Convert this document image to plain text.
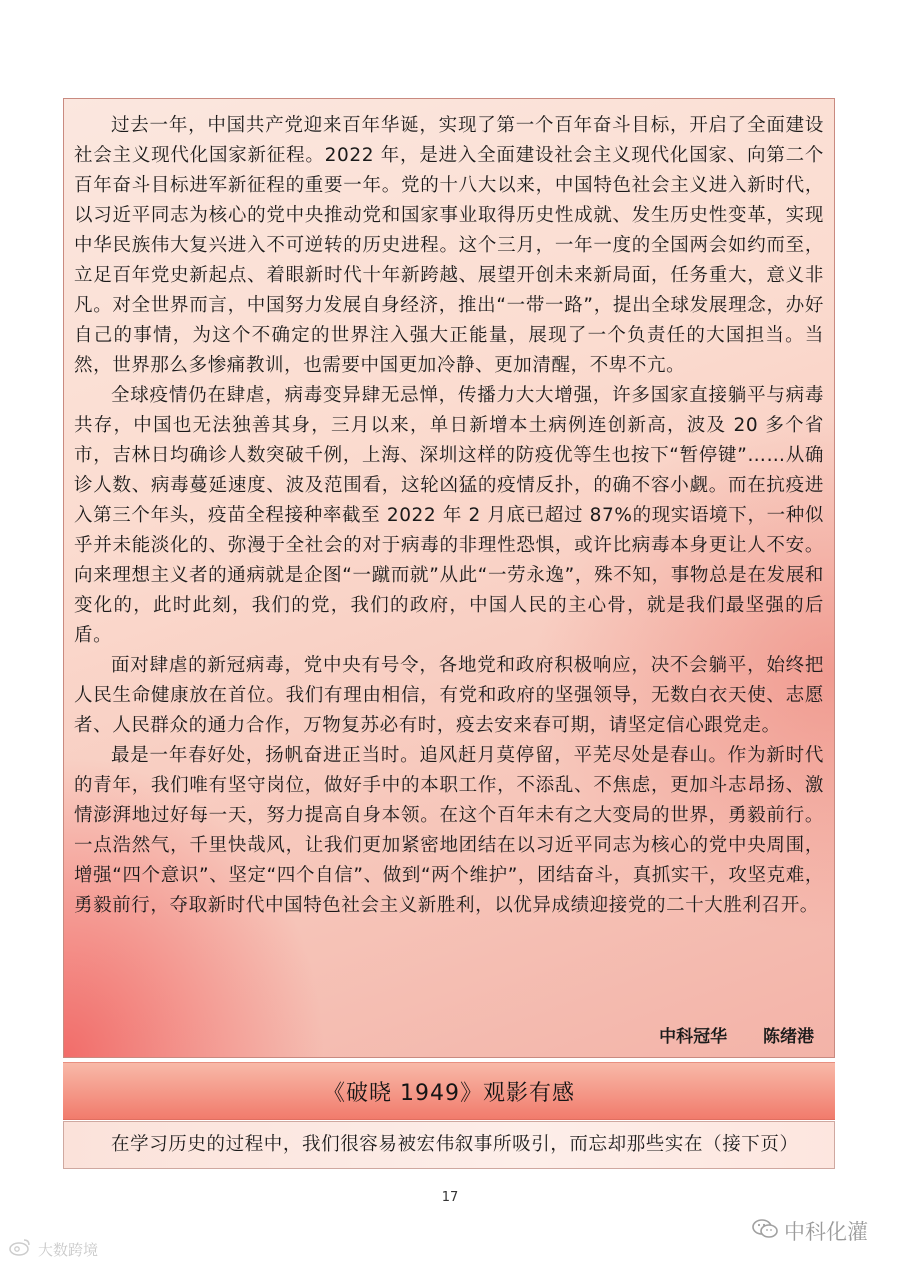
过去一年，中国共产党迎来百年华诞，实现了第一个百年奋斗目标，开启了全面建设社会主义现代化国家新征程。2022 年，是进入全面建设社会主义现代化国家、向第二个百年奋斗目标进军新征程的重要一年。党的十八大以来，中国特色社会主义进入新时代，以习近平同志为核心的党中央推动党和国家事业取得历史性成就、发生历史性变革，实现中华民族伟大复兴进入不可逆转的历史进程。这个三月，一年一度的全国两会如约而至，立足百年党史新起点、着眼新时代十年新跨越、展望开创未来新局面，任务重大，意义非凡。对全世界而言，中国努力发展自身经济，推出“一带一路”，提出全球发展理念，办好自己的事情，为这个不确定的世界注入强大正能量，展现了一个负责任的大国担当。当然，世界那么多惨痛教训，也需要中国更加冷静、更加清醒，不卑不亢。

全球疫情仍在肆虐，病毒变异肆无忌惮，传播力大大增强，许多国家直接躺平与病毒共存，中国也无法独善其身，三月以来，单日新增本土病例连创新高，波及 20 多个省市，吉林日均确诊人数突破千例，上海、深圳这样的防疫优等生也按下“暂停键”……从确诊人数、病毒蔓延速度、波及范围看，这轮凶猛的疫情反扑，的确不容小觑。而在抗疫进入第三个年头，疫苗全程接种率截至 2022 年 2 月底已超过 87%的现实语境下，一种似乎并未能淡化的、弥漫于全社会的对于病毒的非理性恐惧，或许比病毒本身更让人不安。向来理想主义者的通病就是企图“一蹴而就”从此“一劳永逸”，殊不知，事物总是在发展和变化的，此时此刻，我们的党，我们的政府，中国人民的主心骨，就是我们最坚强的后盾。

面对肆虐的新冠病毒，党中央有号令，各地党和政府积极响应，决不会躺平，始终把人民生命健康放在首位。我们有理由相信，有党和政府的坚强领导，无数白衣天使、志愿者、人民群众的通力合作，万物复苏必有时，疫去安来春可期，请坚定信心跟党走。

最是一年春好处，扬帆奋进正当时。追风赶月莫停留，平芜尽处是春山。作为新时代的青年，我们唯有坚守岗位，做好手中的本职工作，不添乱、不焦虑，更加斗志昂扬、激情澎湃地过好每一天，努力提高自身本领。在这个百年未有之大变局的世界，勇毅前行。一点浩然气，千里快哉风，让我们更加紧密地团结在以习近平同志为核心的党中央周围，增强“四个意识”、坚定“四个自信”、做到“两个维护”，团结奋斗，真抓实干，攻坚克难，勇毅前行，夺取新时代中国特色社会主义新胜利，以优异成绩迎接党的二十大胜利召开。

中科冠华 陈绪港
《破晓 1949》观影有感

在学习历史的过程中，我们很容易被宏伟叙事所吸引，而忘却那些实在（接下页）

17
中科化灌
大数跨境
